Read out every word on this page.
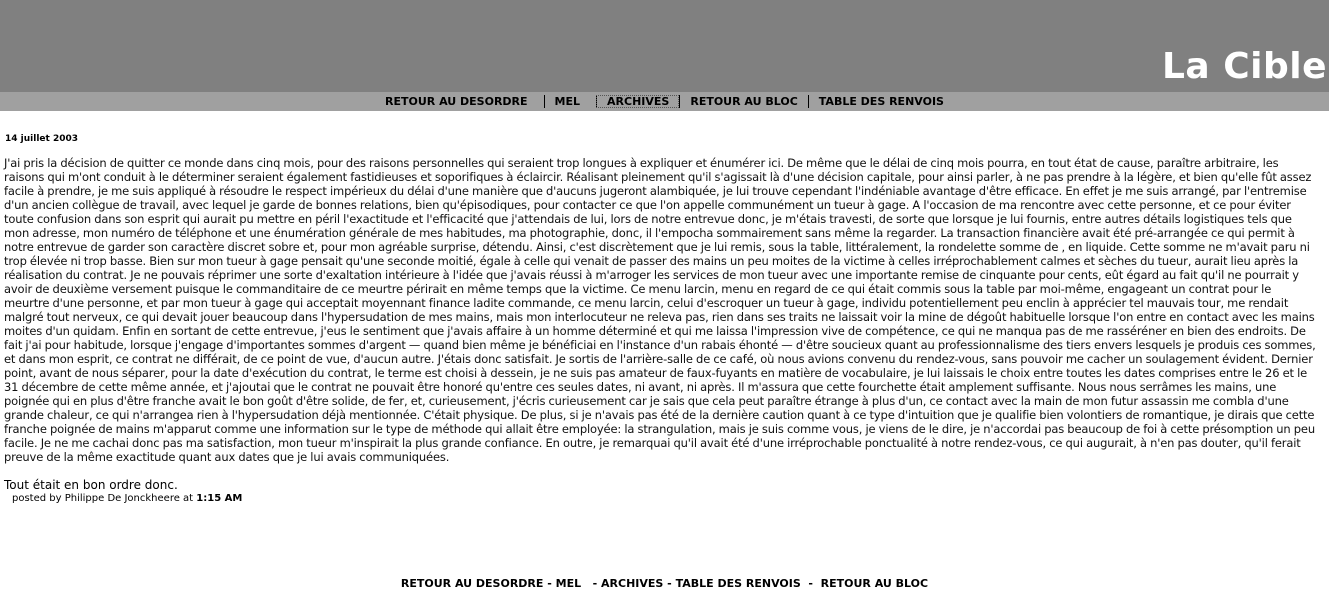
La Cible
RETOUR AU DESORDRE	MEL	ARCHIVES	RETOUR AU BLOC	TABLE DES RENVOIS
14 juillet 2003
J'ai pris la décision de quitter ce monde dans cinq mois, pour des raisons personnelles qui seraient trop longues à expliquer et énumérer ici. De même que le délai de cinq mois pourra, en tout état de cause, paraître arbitraire, les raisons qui m'ont conduit à le déterminer seraient également fastidieuses et soporifiques à éclaircir. Réalisant pleinement qu'il s'agissait là d'une décision capitale, pour ainsi parler, à ne pas prendre à la légère, et bien qu'elle fût assez facile à prendre, je me suis appliqué à résoudre le respect impérieux du délai d'une manière que d'aucuns jugeront alambiquée, je lui trouve cependant l'indéniable avantage d'être efficace. En effet je me suis arrangé, par l'entremise d'un ancien collègue de travail, avec lequel je garde de bonnes relations, bien qu'épisodiques, pour contacter ce que l'on appelle communément un tueur à gage. A l'occasion de ma rencontre avec cette personne, et ce pour éviter toute confusion dans son esprit qui aurait pu mettre en péril l'exactitude et l'efficacité que j'attendais de lui, lors de notre entrevue donc, je m'étais travesti, de sorte que lorsque je lui fournis, entre autres détails logistiques tels que mon adresse, mon numéro de téléphone et une énumération générale de mes habitudes, ma photographie, donc, il l'empocha sommairement sans même la regarder. La transaction financière avait été pré-arrangée ce qui permit à notre entrevue de garder son caractère discret sobre et, pour mon agréable surprise, détendu. Ainsi, c'est discrètement que je lui remis, sous la table, littéralement, la rondelette somme de , en liquide. Cette somme ne m'avait paru ni trop élevée ni trop basse. Bien sur mon tueur à gage pensait qu'une seconde moitié, égale à celle qui venait de passer des mains un peu moites de la victime à celles irréprochablement calmes et sèches du tueur, aurait lieu après la réalisation du contrat. Je ne pouvais réprimer une sorte d'exaltation intérieure à l'idée que j'avais réussi à m'arroger les services de mon tueur avec une importante remise de cinquante pour cents, eût égard au fait qu'il ne pourrait y avoir de deuxième versement puisque le commanditaire de ce meurtre périrait en même temps que la victime. Ce menu larcin, menu en regard de ce qui était commis sous la table par moi-même, engageant un contrat pour le meurtre d'une personne, et par mon tueur à gage qui acceptait moyennant finance ladite commande, ce menu larcin, celui d'escroquer un tueur à gage, individu potentiellement peu enclin à apprécier tel mauvais tour, me rendait malgré tout nerveux, ce qui devait jouer beaucoup dans l'hypersudation de mes mains, mais mon interlocuteur ne releva pas, rien dans ses traits ne laissait voir la mine de dégoût habituelle lorsque l'on entre en contact avec les mains moites d'un quidam. Enfin en sortant de cette entrevue, j'eus le sentiment que j'avais affaire à un homme déterminé et qui me laissa l'impression vive de compétence, ce qui ne manqua pas de me rasséréner en bien des endroits. De fait j'ai pour habitude, lorsque j'engage d'importantes sommes d'argent — quand bien même je bénéficiai en l'instance d'un rabais éhonté — d'être soucieux quant au professionnalisme des tiers envers lesquels je produis ces sommes, et dans mon esprit, ce contrat ne différait, de ce point de vue, d'aucun autre. J'étais donc satisfait. Je sortis de l'arrière-salle de ce café, où nous avions convenu du rendez-vous, sans pouvoir me cacher un soulagement évident. Dernier point, avant de nous séparer, pour la date d'exécution du contrat, le terme est choisi à dessein, je ne suis pas amateur de faux-fuyants en matière de vocabulaire, je lui laissais le choix entre toutes les dates comprises entre le 26 et le 31 décembre de cette même année, et j'ajoutai que le contrat ne pouvait être honoré qu'entre ces seules dates, ni avant, ni après. Il m'assura que cette fourchette était amplement suffisante. Nous nous serrâmes les mains, une poignée qui en plus d'être franche avait le bon goût d'être solide, de fer, et, curieusement, j'écris curieusement car je sais que cela peut paraître étrange à plus d'un, ce contact avec la main de mon futur assassin me combla d'une grande chaleur, ce qui n'arrangea rien à l'hypersudation déjà mentionnée. C'était physique. De plus, si je n'avais pas été de la dernière caution quant à ce type d'intuition que je qualifie bien volontiers de romantique, je dirais que cette franche poignée de mains m'apparut comme une information sur le type de méthode qui allait être employée: la strangulation, mais je suis comme vous, je viens de le dire, je n'accordai pas beaucoup de foi à cette présomption un peu facile. Je ne me cachai donc pas ma satisfaction, mon tueur m'inspirait la plus grande confiance. En outre, je remarquai qu'il avait été d'une irréprochable ponctualité à notre rendez-vous, ce qui augurait, à n'en pas douter, qu'il ferait preuve de la même exactitude quant aux dates que je lui avais communiquées.
Tout était en bon ordre donc.
posted by Philippe De Jonckheere at 1:15 AM
RETOUR AU DESORDRE - MEL   - ARCHIVES - TABLE DES RENVOIS  -  RETOUR AU BLOC
